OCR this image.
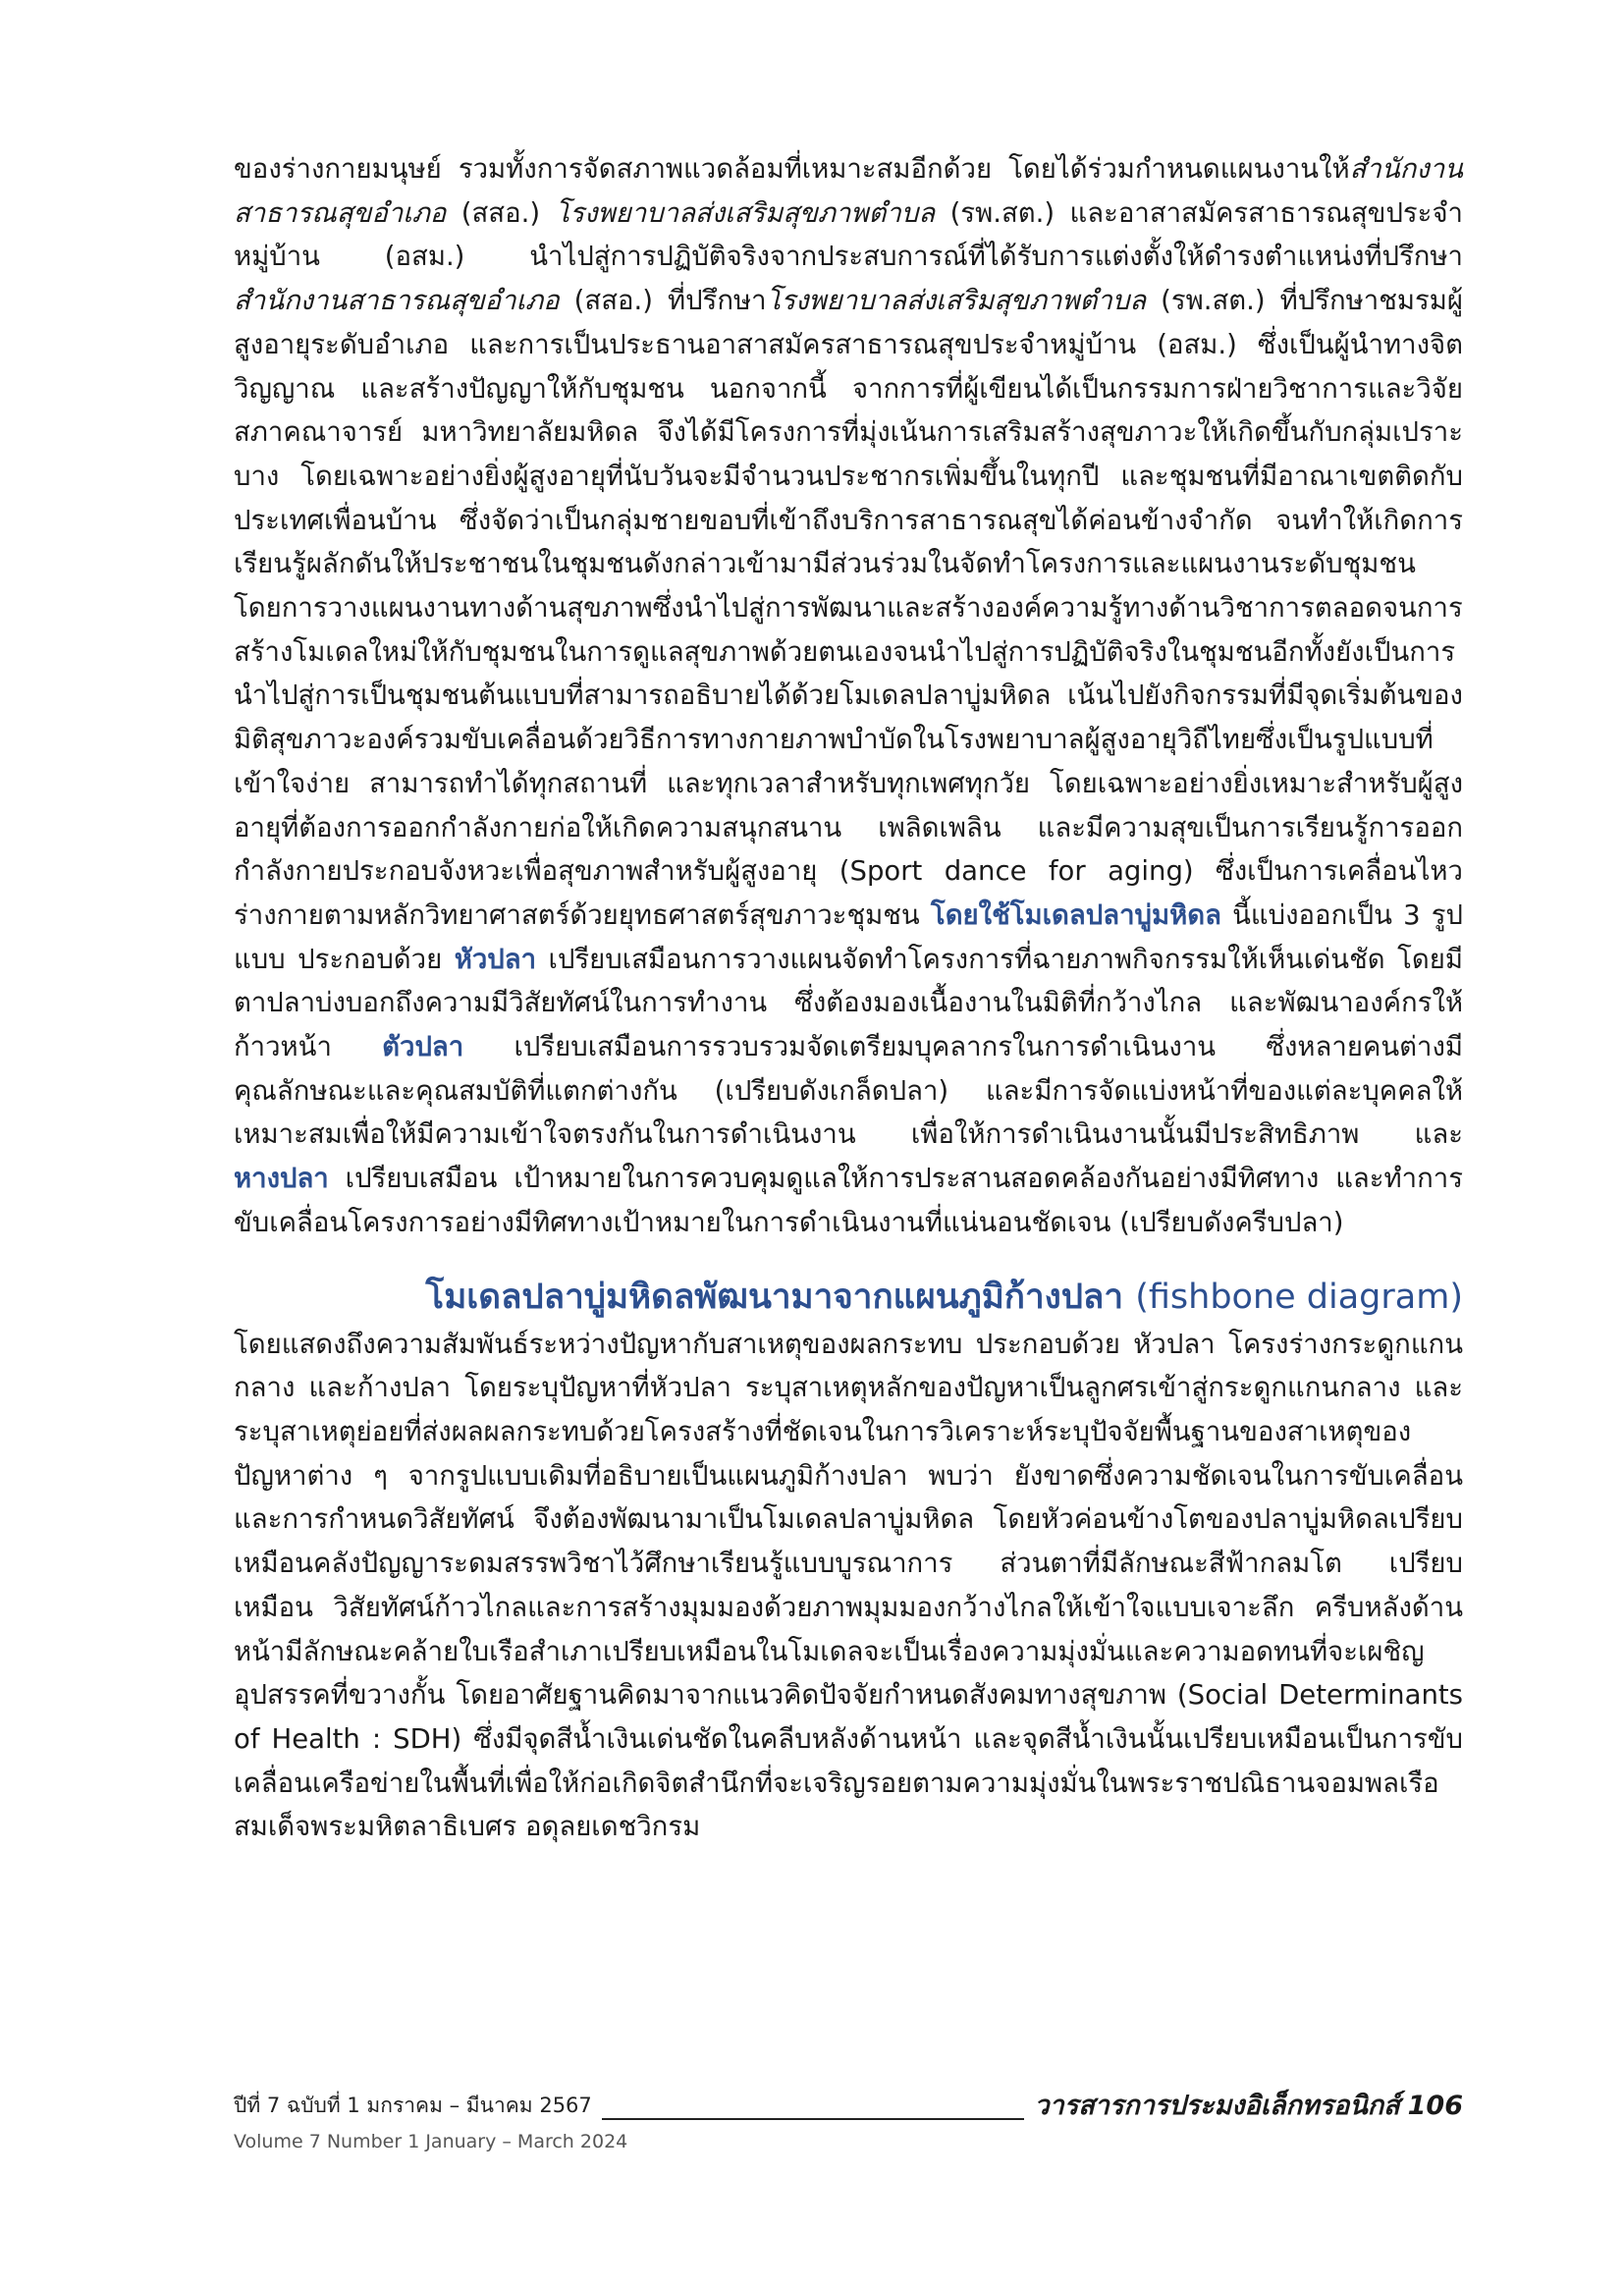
ของร่างกายมนุษย์ รวมทั้งการจัดสภาพแวดล้อมที่เหมาะสมอีกด้วย โดยได้ร่วมกำหนดแผนงานให้สำนักงานสาธารณสุขอำเภอ (สสอ.) โรงพยาบาลส่งเสริมสุขภาพตำบล (รพ.สต.) และอาสาสมัครสาธารณสุขประจำหมู่บ้าน (อสม.) นำไปสู่การปฏิบัติจริงจากประสบการณ์ที่ได้รับการแต่งตั้งให้ดำรงตำแหน่งที่ปรึกษาสำนักงานสาธารณสุขอำเภอ (สสอ.) ที่ปรึกษาโรงพยาบาลส่งเสริมสุขภาพตำบล (รพ.สต.) ที่ปรึกษาชมรมผู้สูงอายุระดับอำเภอ และการเป็นประธานอาสาสมัครสาธารณสุขประจำหมู่บ้าน (อสม.) ซึ่งเป็นผู้นำทางจิตวิญญาณ และสร้างปัญญาให้กับชุมชน นอกจากนี้ จากการที่ผู้เขียนได้เป็นกรรมการฝ่ายวิชาการและวิจัย สภาคณาจารย์ มหาวิทยาลัยมหิดล จึงได้มีโครงการที่มุ่งเน้นการเสริมสร้างสุขภาวะให้เกิดขึ้นกับกลุ่มเปราะบาง โดยเฉพาะอย่างยิ่งผู้สูงอายุที่นับวันจะมีจำนวนประชากรเพิ่มขึ้นในทุกปี และชุมชนที่มีอาณาเขตติดกับประเทศเพื่อนบ้าน ซึ่งจัดว่าเป็นกลุ่มชายขอบที่เข้าถึงบริการสาธารณสุขได้ค่อนข้างจำกัด จนทำให้เกิดการเรียนรู้ผลักดันให้ประชาชนในชุมชนดังกล่าวเข้ามามีส่วนร่วมในจัดทำโครงการและแผนงานระดับชุมชน โดยการวางแผนงานทางด้านสุขภาพซึ่งนำไปสู่การพัฒนาและสร้างองค์ความรู้ทางด้านวิชาการตลอดจนการสร้างโมเดลใหม่ให้กับชุมชนในการดูแลสุขภาพด้วยตนเองจนนำไปสู่การปฏิบัติจริงในชุมชนอีกทั้งยังเป็นการนำไปสู่การเป็นชุมชนต้นแบบที่สามารถอธิบายได้ด้วยโมเดลปลาบู่มหิดล เน้นไปยังกิจกรรมที่มีจุดเริ่มต้นของมิติสุขภาวะองค์รวมขับเคลื่อนด้วยวิธีการทางกายภาพบำบัดในโรงพยาบาลผู้สูงอายุวิถีไทยซึ่งเป็นรูปแบบที่เข้าใจง่าย สามารถทำได้ทุกสถานที่ และทุกเวลาสำหรับทุกเพศทุกวัย โดยเฉพาะอย่างยิ่งเหมาะสำหรับผู้สูงอายุที่ต้องการออกกำลังกายก่อให้เกิดความสนุกสนาน เพลิดเพลิน และมีความสุขเป็นการเรียนรู้การออกกำลังกายประกอบจังหวะเพื่อสุขภาพสำหรับผู้สูงอายุ (Sport dance for aging) ซึ่งเป็นการเคลื่อนไหวร่างกายตามหลักวิทยาศาสตร์ด้วยยุทธศาสตร์สุขภาวะชุมชน โดยใช้โมเดลปลาบู่มหิดล นี้แบ่งออกเป็น 3 รูปแบบ ประกอบด้วย หัวปลา เปรียบเสมือนการวางแผนจัดทำโครงการที่ฉายภาพกิจกรรมให้เห็นเด่นชัด โดยมีตาปลาบ่งบอกถึงความมีวิสัยทัศน์ในการทำงาน ซึ่งต้องมองเนื้องานในมิติที่กว้างไกล และพัฒนาองค์กรให้ก้าวหน้า ตัวปลา เปรียบเสมือนการรวบรวมจัดเตรียมบุคลากรในการดำเนินงาน ซึ่งหลายคนต่างมีคุณลักษณะและคุณสมบัติที่แตกต่างกัน (เปรียบดังเกล็ดปลา) และมีการจัดแบ่งหน้าที่ของแต่ละบุคคลให้เหมาะสมเพื่อให้มีความเข้าใจตรงกันในการดำเนินงาน เพื่อให้การดำเนินงานนั้นมีประสิทธิภาพ และหางปลา เปรียบเสมือน เป้าหมายในการควบคุมดูแลให้การประสานสอดคล้องกันอย่างมีทิศทาง และทำการขับเคลื่อนโครงการอย่างมีทิศทางเป้าหมายในการดำเนินงานที่แน่นอนชัดเจน (เปรียบดังครีบปลา)

โมเดลปลาบู่มหิดลพัฒนามาจากแผนภูมิก้างปลา (fishbone diagram)

โดยแสดงถึงความสัมพันธ์ระหว่างปัญหากับสาเหตุของผลกระทบ ประกอบด้วย หัวปลา โครงร่างกระดูกแกนกลาง และก้างปลา โดยระบุปัญหาที่หัวปลา ระบุสาเหตุหลักของปัญหาเป็นลูกศรเข้าสู่กระดูกแกนกลาง และระบุสาเหตุย่อยที่ส่งผลผลกระทบด้วยโครงสร้างที่ชัดเจนในการวิเคราะห์ระบุปัจจัยพื้นฐานของสาเหตุของปัญหาต่าง ๆ จากรูปแบบเดิมที่อธิบายเป็นแผนภูมิก้างปลา พบว่า ยังขาดซึ่งความชัดเจนในการขับเคลื่อนและการกำหนดวิสัยทัศน์ จึงต้องพัฒนามาเป็นโมเดลปลาบู่มหิดล โดยหัวค่อนข้างโตของปลาบู่มหิดลเปรียบเหมือนคลังปัญญาระดมสรรพวิชาไว้ศึกษาเรียนรู้แบบบูรณาการ ส่วนตาที่มีลักษณะสีฟ้ากลมโต เปรียบเหมือน วิสัยทัศน์ก้าวไกลและการสร้างมุมมองด้วยภาพมุมมองกว้างไกลให้เข้าใจแบบเจาะลึก ครีบหลังด้านหน้ามีลักษณะคล้ายใบเรือสำเภาเปรียบเหมือนในโมเดลจะเป็นเรื่องความมุ่งมั่นและความอดทนที่จะเผชิญอุปสรรคที่ขวางกั้น โดยอาศัยฐานคิดมาจากแนวคิดปัจจัยกำหนดสังคมทางสุขภาพ (Social Determinants of Health : SDH) ซึ่งมีจุดสีน้ำเงินเด่นชัดในคลีบหลังด้านหน้า และจุดสีน้ำเงินนั้นเปรียบเหมือนเป็นการขับเคลื่อนเครือข่ายในพื้นที่เพื่อให้ก่อเกิดจิตสำนึกที่จะเจริญรอยตามความมุ่งมั่นในพระราชปณิธานจอมพลเรือสมเด็จพระมหิตลาธิเบศร อดุลยเดชวิกรม

ปีที่ 7 ฉบับที่ 1 มกราคม – มีนาคม 2567
Volume 7 Number 1 January – March 2024
วารสารการประมงอิเล็กทรอนิกส์ 106
